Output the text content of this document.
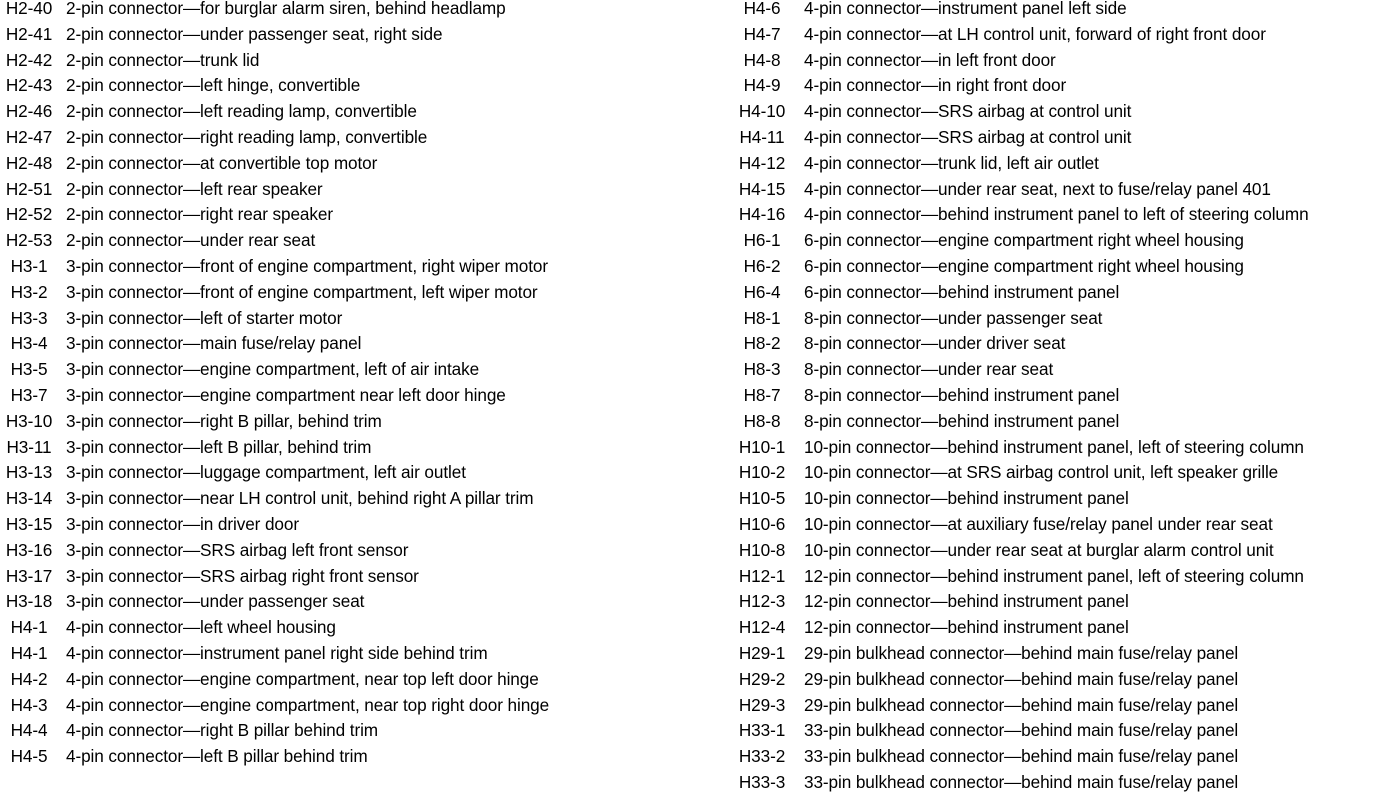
H2-40 2-pin connector—for burglar alarm siren, behind headlamp
H2-41 2-pin connector—under passenger seat, right side
H2-42 2-pin connector—trunk lid
H2-43 2-pin connector—left hinge, convertible
H2-46 2-pin connector—left reading lamp, convertible
H2-47 2-pin connector—right reading lamp, convertible
H2-48 2-pin connector—at convertible top motor
H2-51 2-pin connector—left rear speaker
H2-52 2-pin connector—right rear speaker
H2-53 2-pin connector—under rear seat
H3-1	3-pin connector—front of engine compartment, right wiper motor
H3-2	3-pin connector—front of engine compartment, left wiper motor
H3-3	3-pin connector—left of starter motor
H3-4	3-pin connector—main fuse/relay panel
H3-5	3-pin connector—engine compartment, left of air intake
H3-7	3-pin connector—engine compartment near left door hinge
H3-10 3-pin connector—right B pillar, behind trim
H3-11 3-pin connector—left B pillar, behind trim
H3-13 3-pin connector—luggage compartment, left air outlet
H3-14 3-pin connector—near LH control unit, behind right A pillar trim
H3-15 3-pin connector—in driver door
H3-16 3-pin connector—SRS airbag left front sensor
H3-17 3-pin connector—SRS airbag right front sensor
H3-18 3-pin connector—under passenger seat
H4-1	4-pin connector—left wheel housing
H4-1	4-pin connector—instrument panel right side behind trim
H4-2	4-pin connector—engine compartment, near top left door hinge
H4-3	4-pin connector—engine compartment, near top right door hinge
H4-4	4-pin connector—right B pillar behind trim
H4-5	4-pin connector—left B pillar behind trim
H4-6	4-pin connector—instrument panel left side
H4-7	4-pin connector—at LH control unit, forward of right front door
H4-8	4-pin connector—in left front door
H4-9	4-pin connector—in right front door
H4-10	4-pin connector—SRS airbag at control unit
H4-11	4-pin connector—SRS airbag at control unit
H4-12	4-pin connector—trunk lid, left air outlet
H4-15	4-pin connector—under rear seat, next to fuse/relay panel 401
H4-16	4-pin connector—behind instrument panel to left of steering column
H6-1	6-pin connector—engine compartment right wheel housing
H6-2	6-pin connector—engine compartment right wheel housing
H6-4	6-pin connector—behind instrument panel
H8-1	8-pin connector—under passenger seat
H8-2	8-pin connector—under driver seat
H8-3	8-pin connector—under rear seat
H8-7	8-pin connector—behind instrument panel
H8-8	8-pin connector—behind instrument panel
H10-1	10-pin connector—behind instrument panel, left of steering column
H10-2	10-pin connector—at SRS airbag control unit, left speaker grille
H10-5	10-pin connector—behind instrument panel
H10-6	10-pin connector—at auxiliary fuse/relay panel under rear seat
H10-8	10-pin connector—under rear seat at burglar alarm control unit
H12-1	12-pin connector—behind instrument panel, left of steering column
H12-3	12-pin connector—behind instrument panel
H12-4	12-pin connector—behind instrument panel
H29-1	29-pin bulkhead connector—behind main fuse/relay panel
H29-2	29-pin bulkhead connector—behind main fuse/relay panel
H29-3	29-pin bulkhead connector—behind main fuse/relay panel
H33-1	33-pin bulkhead connector—behind main fuse/relay panel
H33-2	33-pin bulkhead connector—behind main fuse/relay panel
H33-3	33-pin bulkhead connector—behind main fuse/relay panel
